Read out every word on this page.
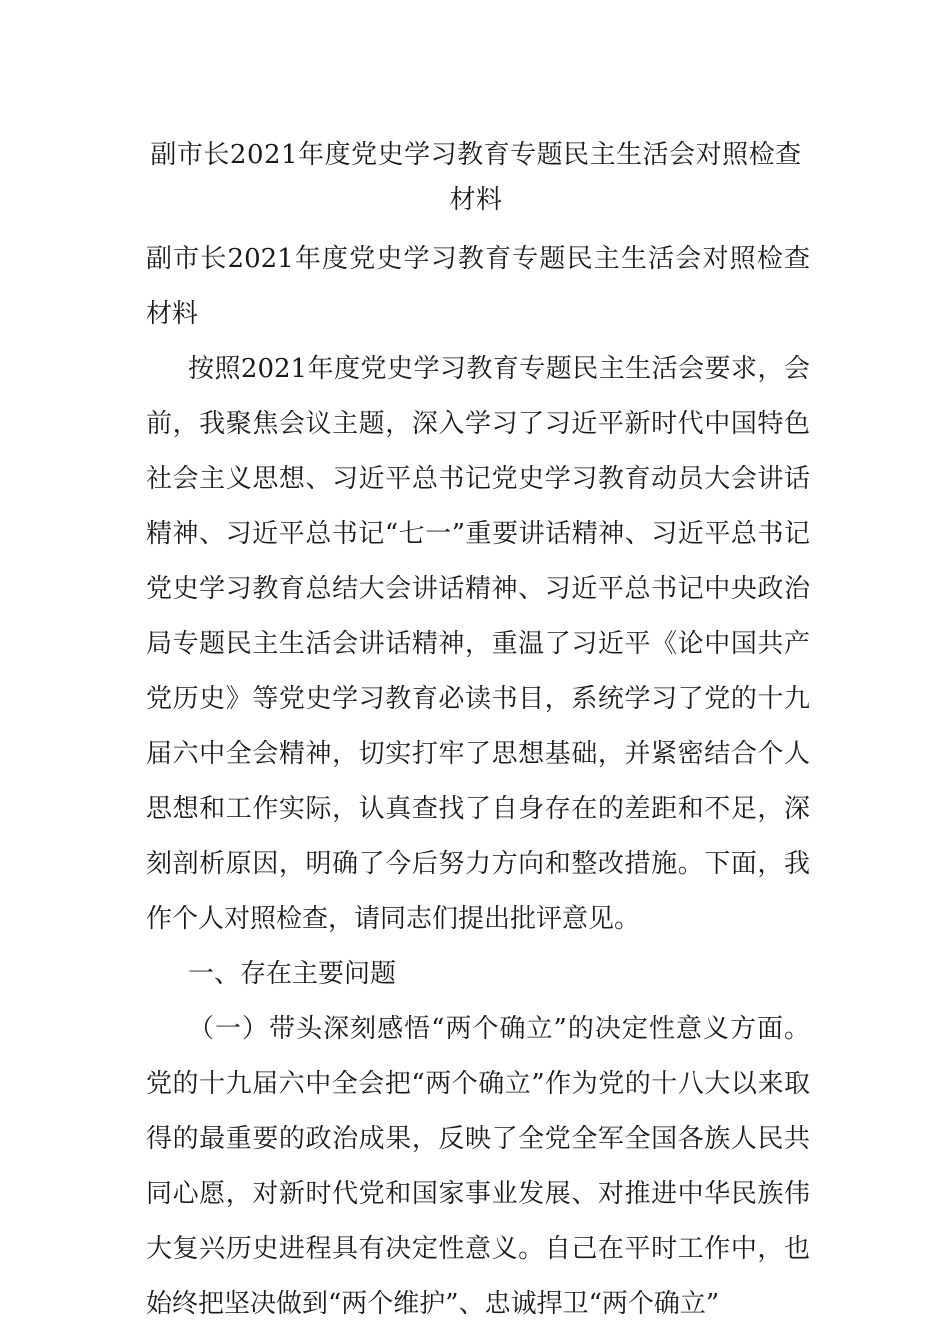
副市长2021年度党史学习教育专题民主生活会对照检查材料

副市长2021年度党史学习教育专题民主生活会对照检查材料

按照2021年度党史学习教育专题民主生活会要求，会前，我聚焦会议主题，深入学习了习近平新时代中国特色社会主义思想、习近平总书记党史学习教育动员大会讲话精神、习近平总书记“七一”重要讲话精神、习近平总书记党史学习教育总结大会讲话精神、习近平总书记中央政治局专题民主生活会讲话精神，重温了习近平《论中国共产党历史》等党史学习教育必读书目，系统学习了党的十九届六中全会精神，切实打牢了思想基础，并紧密结合个人思想和工作实际，认真查找了自身存在的差距和不足，深刻剖析原因，明确了今后努力方向和整改措施。下面，我作个人对照检查，请同志们提出批评意见。

一、存在主要问题

（一）带头深刻感悟“两个确立”的决定性意义方面。党的十九届六中全会把“两个确立”作为党的十八大以来取得的最重要的政治成果，反映了全党全军全国各族人民共同心愿，对新时代党和国家事业发展、对推进中华民族伟大复兴历史进程具有决定性意义。自己在平时工作中，也始终把坚决做到“两个维护”、忠诚捍卫“两个确立”
